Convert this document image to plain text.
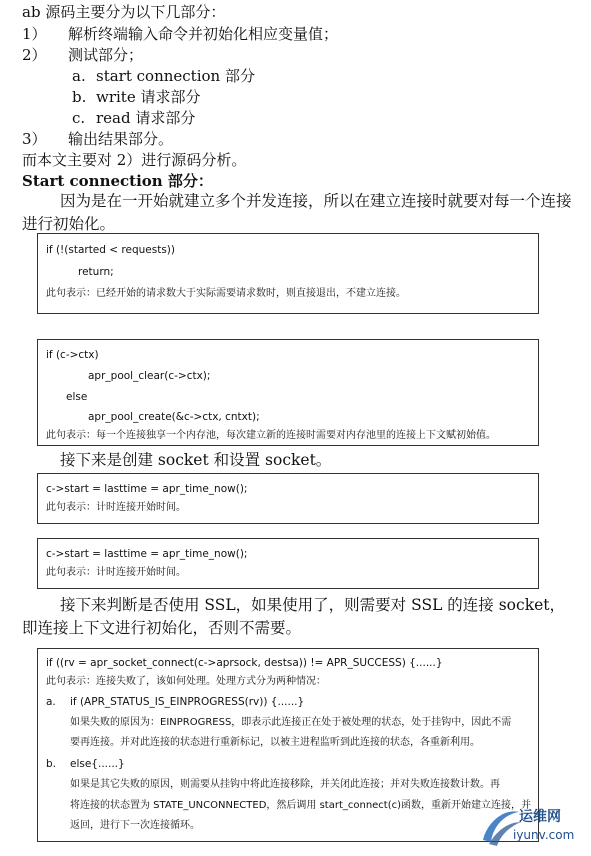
ab 源码主要分为以下几部分：
1） 解析终端输入命令并初始化相应变量值；
2） 测试部分；
a. start connection 部分
b. write 请求部分
c. read 请求部分
3） 输出结果部分。
而本文主要对 2）进行源码分析。
Start connection 部分：
因为是在一开始就建立多个并发连接，所以在建立连接时就要对每一个连接进行初始化。
if (!(started < requests))
return;
此句表示：已经开始的请求数大于实际需要请求数时，则直接退出，不建立连接。
if (c->ctx)
apr_pool_clear(c->ctx);
else
apr_pool_create(&c->ctx, cntxt);
此句表示：每一个连接独享一个内存池，每次建立新的连接时需要对内存池里的连接上下文赋初始值。
接下来是创建 socket 和设置 socket。
c->start = lasttime = apr_time_now();
此句表示：计时连接开始时间。
c->start = lasttime = apr_time_now();
此句表示：计时连接开始时间。
接下来判断是否使用 SSL，如果使用了，则需要对 SSL 的连接 socket，即连接上下文进行初始化，否则不需要。
if ((rv = apr_socket_connect(c->aprsock, destsa)) != APR_SUCCESS) {......}
此句表示：连接失败了，该如何处理。处理方式分为两种情况：
a. if (APR_STATUS_IS_EINPROGRESS(rv)) {......}
如果失败的原因为：EINPROGRESS，即表示此连接正在处于被处理的状态，处于挂钩中，因此不需
要再连接。并对此连接的状态进行重新标记，以被主进程监听到此连接的状态，各重新利用。
b. else{......}
如果是其它失败的原因，则需要从挂钩中将此连接移除，并关闭此连接；并对失败连接数计数。再
将连接的状态置为 STATE_UNCONNECTED，然后调用 start_connect(c)函数，重新开始建立连接，并
返回，进行下一次连接循环。
运维网
iyunv.com
